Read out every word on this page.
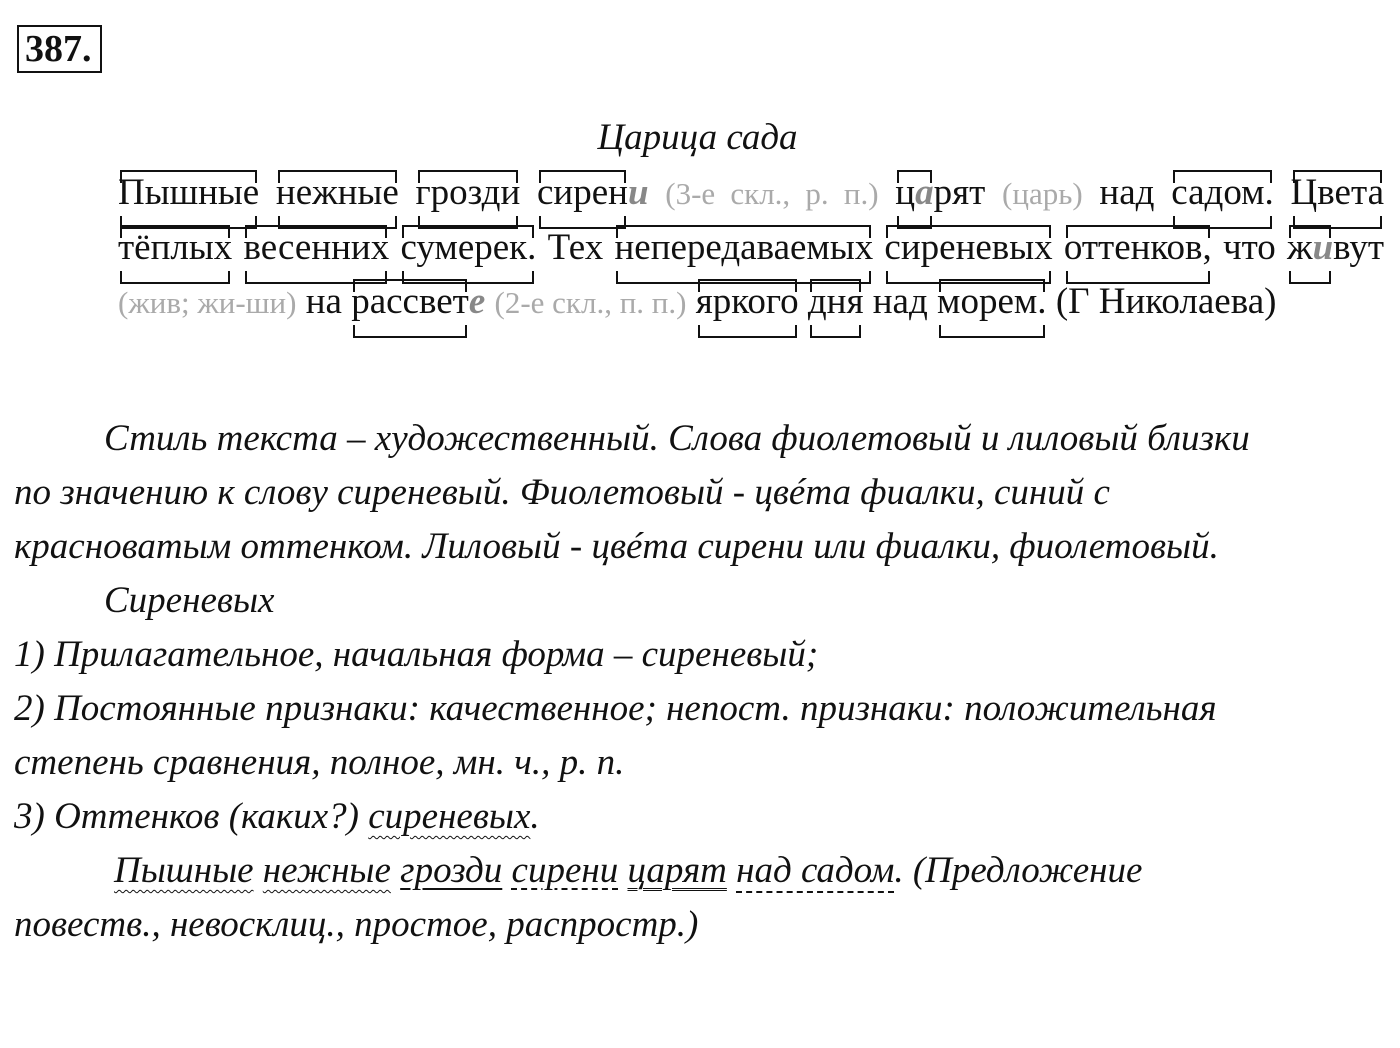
387.
Царица сада
Пышные нежные грозди сирени (3-е скл., р. п.) царят (царь) над садом. Цвета тёплых весенних сумерек. Тех непередаваемых сиреневых оттенков, что живут (жив; жи-ши) на рассвете (2-е скл., п. п.) яркого дня над морем. (Г Николаева)
Стиль текста – художественный. Слова фиолетовый и лиловый близки
по значению к слову сиреневый. Фиолетовый - цвéта фиалки, синий с
красноватым оттенком. Лиловый - цвéта сирени или фиалки, фиолетовый.
Сиреневых
1) Прилагательное, начальная форма – сиреневый;
2) Постоянные признаки: качественное; непост. признаки: положительная
степень сравнения, полное, мн. ч., р. п.
3) Оттенков (каких?) сиреневых.
Пышные нежные грозди сирени царят над садом. (Предложение
повеств., невосклиц., простое, распростр.)
